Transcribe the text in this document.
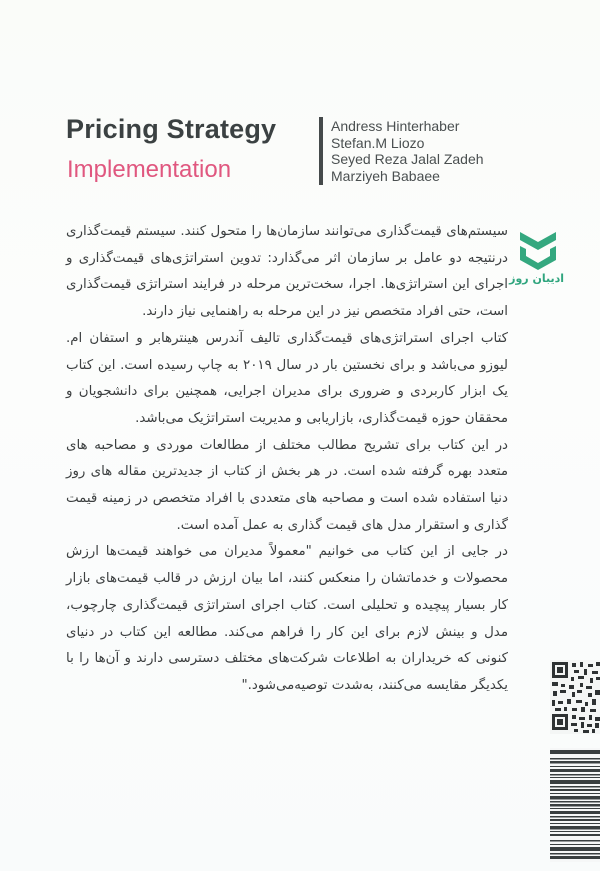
Pricing Strategy
Implementation
Andress Hinterhaber
Stefan.M Liozo
Seyed Reza Jalal Zadeh
Marziyeh Babaee
ادیبان روز

سیستم‌های قیمت‌گذاری می‌توانند سازمان‌ها را متحول کنند. سیستم قیمت‌گذاری درنتیجه دو عامل بر سازمان اثر می‌گذارد: تدوین استراتژی‌های قیمت‌گذاری و اجرای این استراتژی‌ها. اجرا، سخت‌ترین مرحله در فرایند استراتژی قیمت‌گذاری است، حتی افراد متخصص نیز در این مرحله به راهنمایی نیاز دارند.

کتاب اجرای استراتژی‌های قیمت‌گذاری تالیف آندرس هینترهابر و استفان ام. لیوزو می‌باشد و برای نخستین بار در سال ۲۰۱۹ به چاپ رسیده است. این کتاب یک ابزار کاربردی و ضروری برای مدیران اجرایی، همچنین برای دانشجویان و محققان حوزه قیمت‌گذاری، بازاریابی و مدیریت استراتژیک می‌باشد.

در این کتاب برای تشریح مطالب مختلف از مطالعات موردی و مصاحبه های متعدد بهره گرفته شده است. در هر بخش از کتاب از جدیدترین مقاله های روز دنیا استفاده شده است و مصاحبه های متعددی با افراد متخصص در زمینه قیمت گذاری و استقرار مدل های قیمت گذاری به عمل آمده است.

در جایی از این کتاب می خوانیم "معمولاً مدیران می خواهند قیمت‌ها ارزش محصولات و خدماتشان را منعکس کنند، اما بیان ارزش در قالب قیمت‌های بازار کار بسیار پیچیده و تحلیلی است. کتاب اجرای استراتژی قیمت‌گذاری چارچوب، مدل و بینش لازم برای این کار را فراهم می‌کند. مطالعه این کتاب در دنیای کنونی که خریداران به اطلاعات شرکت‌های مختلف دسترسی دارند و آن‌ها را با یکدیگر مقایسه می‌کنند، به‌شدت توصیه‌می‌شود."
